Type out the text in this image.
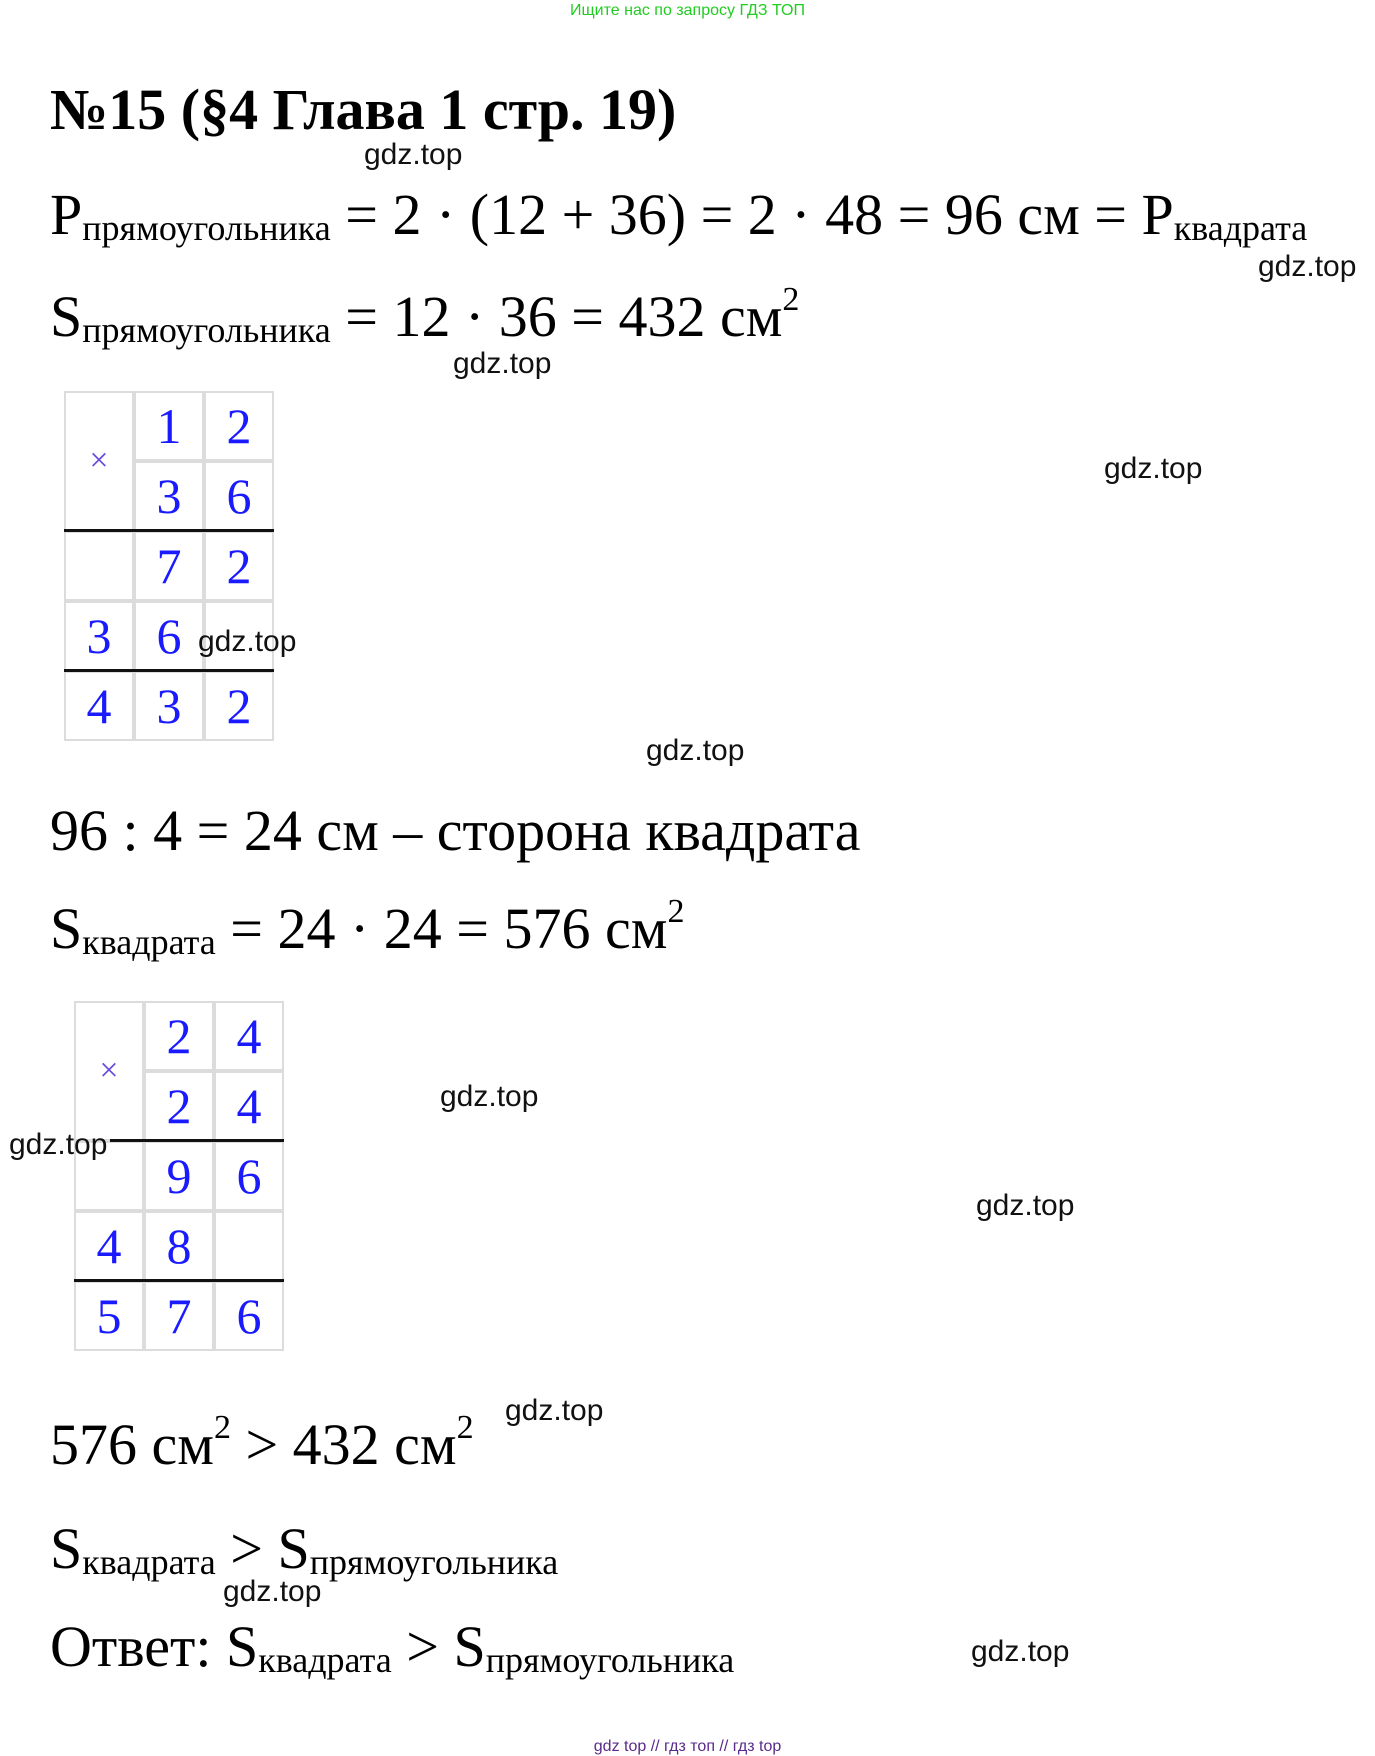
Ищите нас по запросу ГДЗ ТОП
№15 (§4 Глава 1 стр. 19)
$P_{прямоугольника} = 2 \cdot (12 + 36) = 2 \cdot 48 = 96$ см = $P_{квадрата}$
$S_{прямоугольника} = 12 \cdot 36 = 432$ $см^2$
×
1 2
3 6
7 2
3 6
4 3 2
96 : 4 = 24 см – сторона квадрата
$S_{квадрата} = 24 \cdot 24 = 576$ $см^2$
×
2 4
2 4
9 6
4 8
5 7 6
576 $см^2 > 432$ $см^2$
$S_{квадрата} > S_{прямоугольника}$
Ответ: $S_{квадрата} > S_{прямоугольника}$
gdz.top
gdz.top
gdz.top
gdz.top
gdz.top
gdz.top
gdz.top
gdz.top
gdz.top
gdz.top
gdz.top
gdz.top
gdz top // гдз топ // гдз top
